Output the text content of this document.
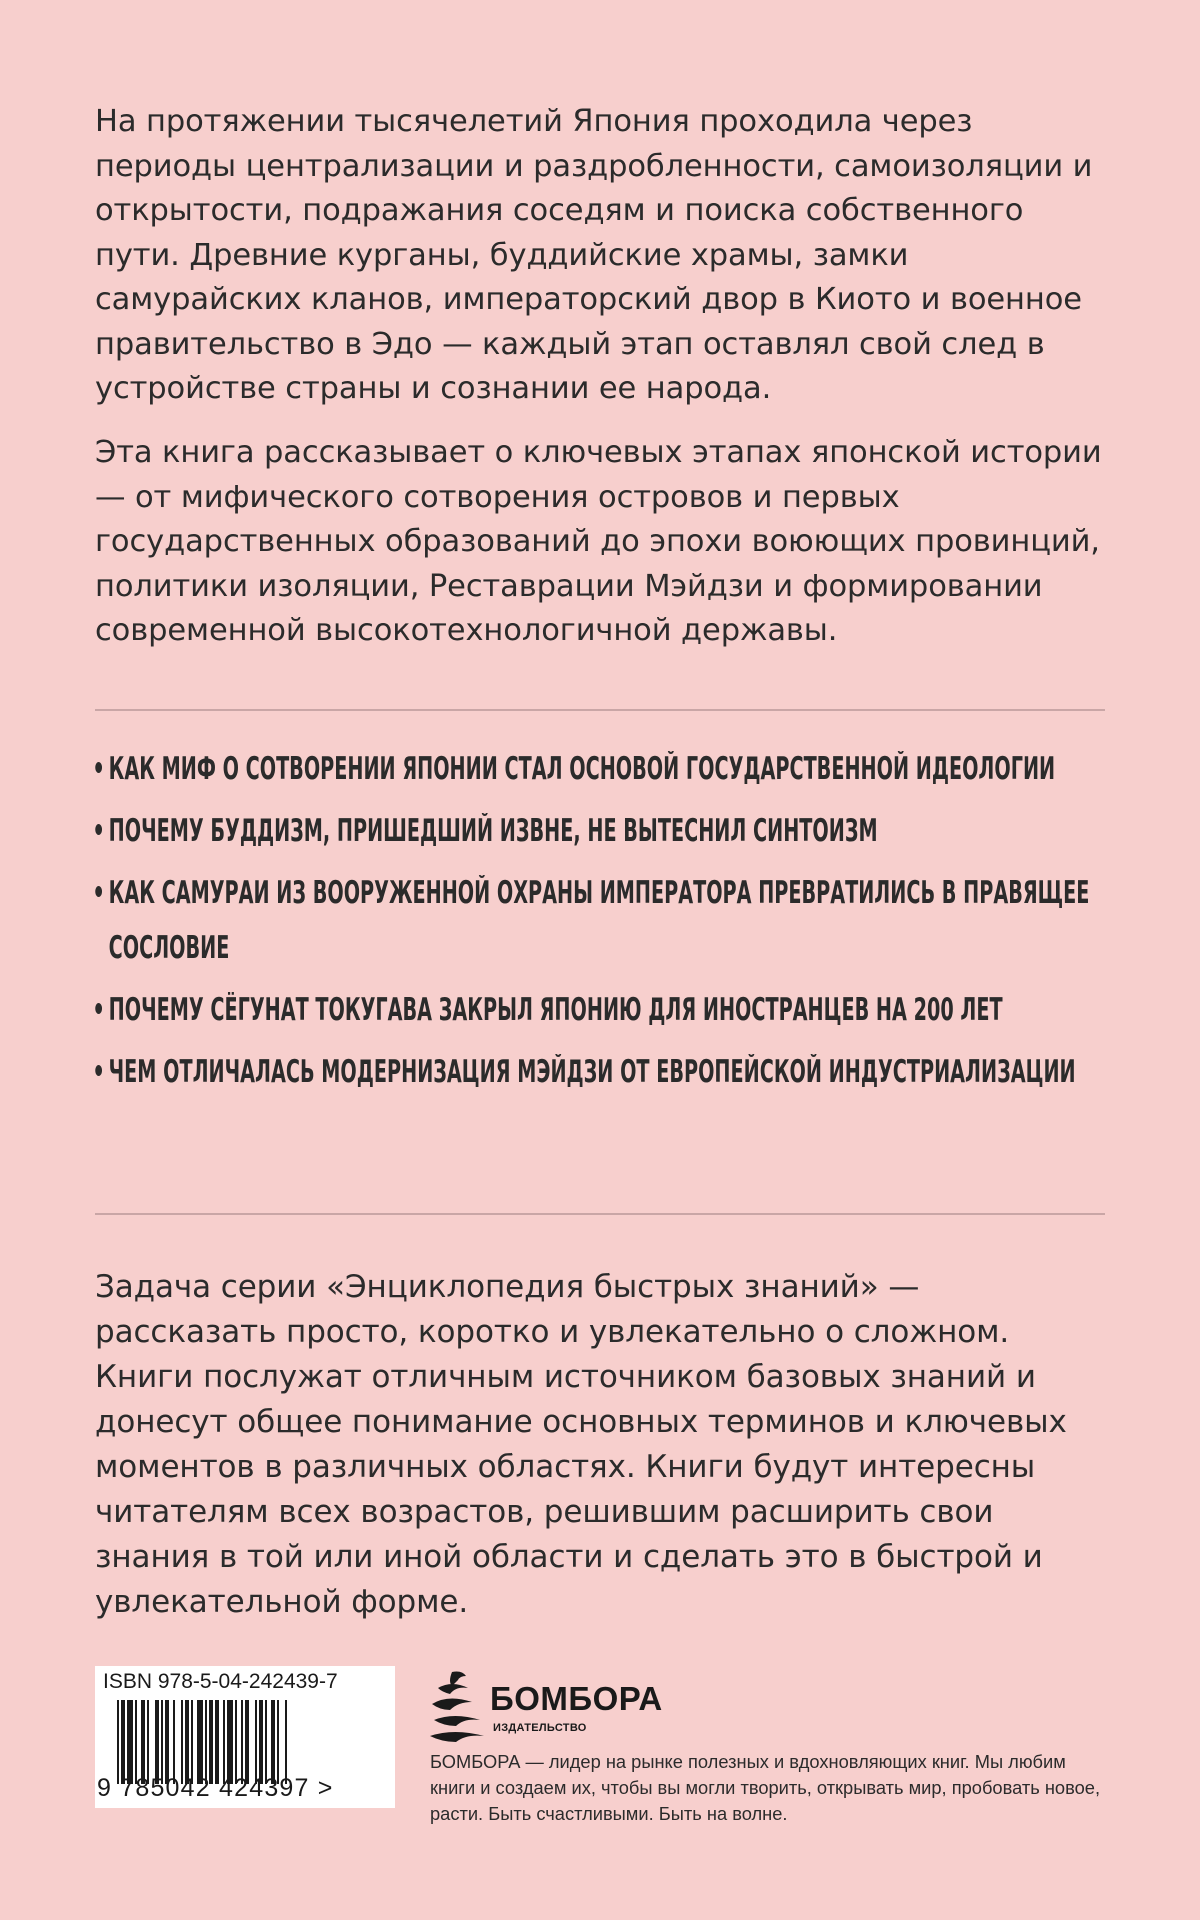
На протяжении тысячелетий Япония проходила через периоды централизации и раздробленности, самоизоляции и открытости, подражания соседям и поиска собственного пути. Древние курганы, буддийские храмы, замки самурайских кланов, императорский двор в Киото и военное правительство в Эдо — каждый этап оставлял свой след в устройстве страны и сознании ее народа.

Эта книга рассказывает о ключевых этапах японской истории — от мифического сотворения островов и первых государственных образований до эпохи воюющих провинций, политики изоляции, Реставрации Мэйдзи и формировании современной высокотехнологичной державы.

• КАК МИФ О СОТВОРЕНИИ ЯПОНИИ СТАЛ ОСНОВОЙ ГОСУДАРСТВЕННОЙ ИДЕОЛОГИИ
• ПОЧЕМУ БУДДИЗМ, ПРИШЕДШИЙ ИЗВНЕ, НЕ ВЫТЕСНИЛ СИНТОИЗМ
• КАК САМУРАИ ИЗ ВООРУЖЕННОЙ ОХРАНЫ ИМПЕРАТОРА ПРЕВРАТИЛИСЬ В ПРАВЯЩЕЕ СОСЛОВИЕ
• ПОЧЕМУ СЁГУНАТ ТОКУГАВА ЗАКРЫЛ ЯПОНИЮ ДЛЯ ИНОСТРАНЦЕВ НА 200 ЛЕТ
• ЧЕМ ОТЛИЧАЛАСЬ МОДЕРНИЗАЦИЯ МЭЙДЗИ ОТ ЕВРОПЕЙСКОЙ ИНДУСТРИАЛИЗАЦИИ

Задача серии «Энциклопедия быстрых знаний» — рассказать просто, коротко и увлекательно о сложном. Книги послужат отличным источником базовых знаний и донесут общее понимание основных терминов и ключевых моментов в различных областях. Книги будут интересны читателям всех возрастов, решившим расширить свои знания в той или иной области и сделать это в быстрой и увлекательной форме.

ISBN 978-5-04-242439-7
9 785042 424397 >
БОМБОРА
ИЗДАТЕЛЬСТВО

БОМБОРА — лидер на рынке полезных и вдохновляющих книг. Мы любим книги и создаем их, чтобы вы могли творить, открывать мир, пробовать новое, расти. Быть счастливыми. Быть на волне.
